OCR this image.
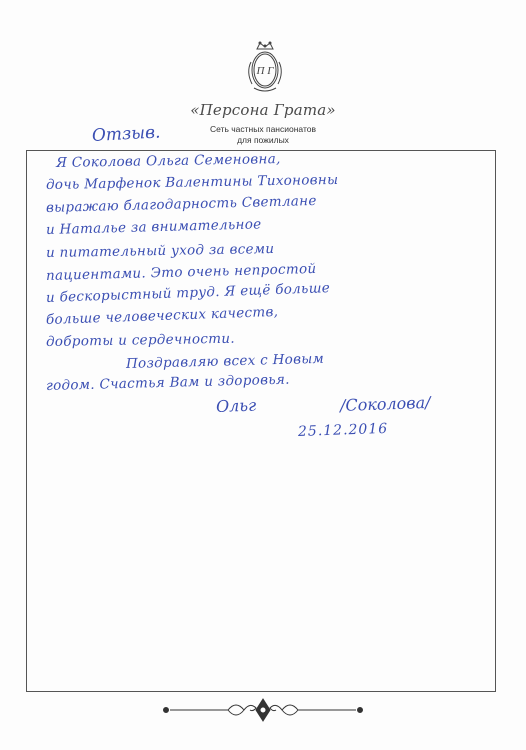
П Г
«Персона Грата»
Сеть частных пансионатов
для пожилых
Отзыв.
Я Соколова Ольга Семеновна,
дочь Марфенок Валентины Тихоновны
выражаю благодарность Светлане
и Наталье за внимательное
и питательный уход за всеми
пациентами. Это очень непростой
и бескорыстный труд. Я ещё больше
больше человеческих качеств,
доброты и сердечности.
Поздравляю всех с Новым
годом. Счастья Вам и здоровья.
Ольг	/Соколова/
25.12.2016
